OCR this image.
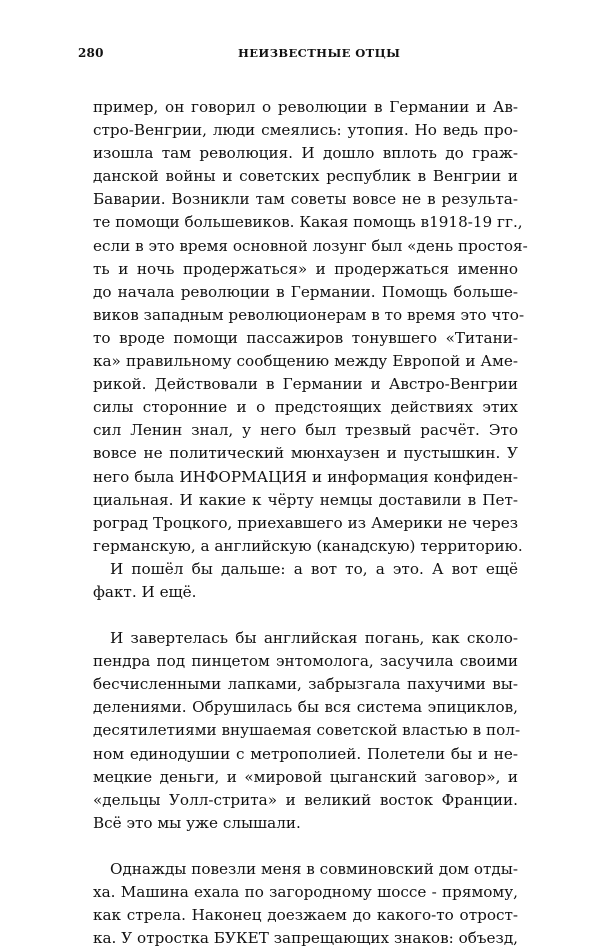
280	НЕИЗВЕСТНЫЕ ОТЦЫ
пример, он говорил о революции в Германии и Ав-
стро-Венгрии, люди смеялись: утопия. Но ведь про-
изошла там революция. И дошло вплоть до граж-
данской войны и советских республик в Венгрии и
Баварии. Возникли там советы вовсе не в результа-
те помощи большевиков. Какая помощь в1918-19 гг.,
если в это время основной лозунг был «день простоя-
ть и ночь продержаться» и продержаться именно
до начала революции в Германии. Помощь больше-
виков западным революционерам в то время это что-
то вроде помощи пассажиров тонувшего «Титани-
ка» правильному сообщению между Европой и Аме-
рикой. Действовали в Германии и Австро-Венгрии
силы сторонние и о предстоящих действиях этих
сил Ленин знал, у него был трезвый расчёт. Это
вовсе не политический мюнхаузен и пустышкин. У
него была ИНФОРМАЦИЯ и информация конфиден-
циальная. И какие к чёрту немцы доставили в Пет-
роград Троцкого, приехавшего из Америки не через
германскую, а английскую (канадскую) территорию.
И пошёл бы дальше: а вот то, а это. А вот ещё
факт. И ещё.
И завертелась бы английская погань, как сколо-
пендра под пинцетом энтомолога, засучила своими
бесчисленными лапками, забрызгала пахучими вы-
делениями. Обрушилась бы вся система эпициклов,
десятилетиями внушаемая советской властью в пол-
ном единодушии с метрополией. Полетели бы и не-
мецкие деньги, и «мировой цыганский заговор», и
«дельцы Уолл-стрита» и великий восток Франции.
Всё это мы уже слышали.
Однажды повезли меня в совминовский дом отды-
ха. Машина ехала по загородному шоссе - прямому,
как стрела. Наконец доезжаем до какого-то отрост-
ка. У отростка БУКЕТ запрещающих знаков: объезд,
